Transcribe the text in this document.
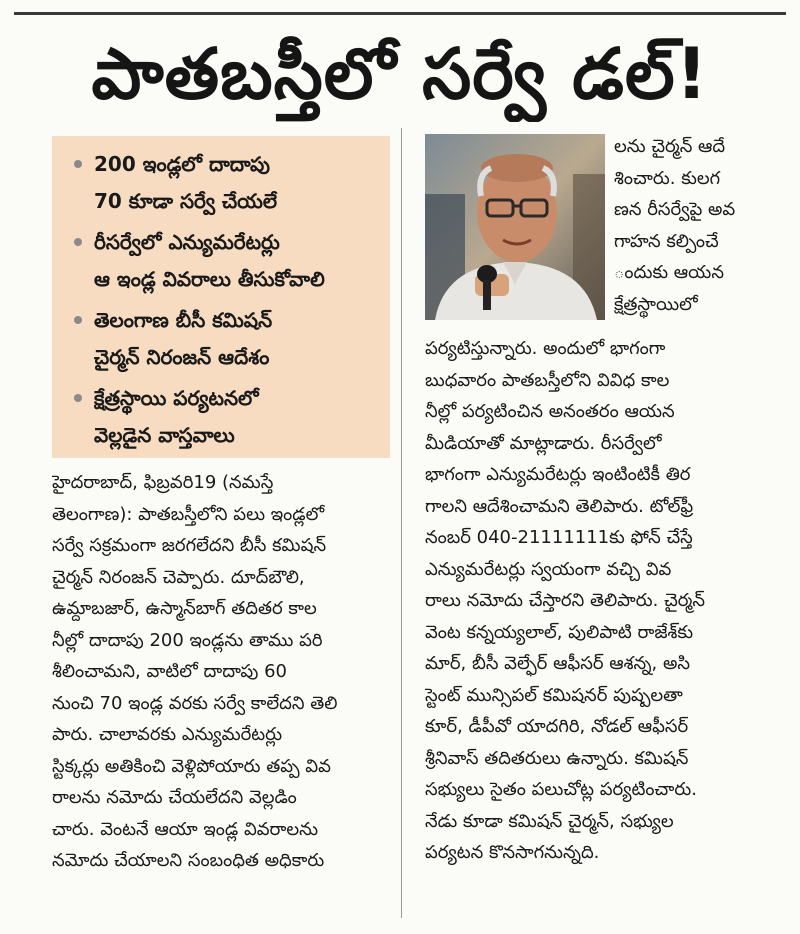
పాతబస్తీలో సర్వే డల్!
200 ఇండ్లలో దాదాపు
70 కూడా సర్వే చేయలే
రీసర్వేలో ఎన్యుమరేటర్లు
ఆ ఇండ్ల వివరాలు తీసుకోవాలి
తెలంగాణ బీసీ కమిషన్
చైర్మన్ నిరంజన్ ఆదేశం
క్షేత్రస్థాయి పర్యటనలో
వెల్లడైన వాస్తవాలు
హైదరాబాద్, ఫిబ్రవరి19 (నమస్తే
తెలంగాణ): పాతబస్తీలోని పలు ఇండ్లలో
సర్వే సక్రమంగా జరగలేదని బీసీ కమిషన్
చైర్మన్ నిరంజన్ చెప్పారు. దూద్‌బౌలి,
ఉమ్దాబజార్, ఉస్మాన్‌బాగ్ తదితర కాల
నీల్లో దాదాపు 200 ఇండ్లను తాము పరి
శీలించామని, వాటిలో దాదాపు 60
నుంచి 70 ఇండ్ల వరకు సర్వే కాలేదని తెలి
పారు. చాలావరకు ఎన్యుమరేటర్లు
స్టిక్కర్లు అతికించి వెళ్లిపోయారు తప్ప వివ
రాలను నమోదు చేయలేదని వెల్లడిం
చారు. వెంటనే ఆయా ఇండ్ల వివరాలను
నమోదు చేయాలని సంబంధిత అధికారు
లను చైర్మన్ ఆదే
శించారు. కులగ
ణన రీసర్వేపై అవ
గాహన కల్పించే
ందుకు ఆయన
క్షేత్రస్థాయిలో
పర్యటిస్తున్నారు. అందులో భాగంగా
బుధవారం పాతబస్తీలోని వివిధ కాల
నీల్లో పర్యటించిన అనంతరం ఆయన
మీడియాతో మాట్లాడారు. రీసర్వేలో
భాగంగా ఎన్యుమరేటర్లు ఇంటింటికీ తిర
గాలని ఆదేశించామని తెలిపారు. టోల్‌ఫ్రీ
నంబర్ 040-21111111కు ఫోన్ చేస్తే
ఎన్యుమరేటర్లు స్వయంగా వచ్చి వివ
రాలు నమోదు చేస్తారని తెలిపారు. చైర్మన్
వెంట కన్నయ్యలాల్, పులిపాటి రాజేశ్‌కు
మార్, బీసీ వెల్ఫేర్ ఆఫీసర్ ఆశన్న, అసి
స్టెంట్ మున్సిపల్ కమిషనర్ పుష్పలతా
కూర్, డీపీవో యాదగిరి, నోడల్ ఆఫీసర్
శ్రీనివాస్ తదితరులు ఉన్నారు. కమిషన్
సభ్యులు సైతం పలుచోట్ల పర్యటించారు.
నేడు కూడా కమిషన్ చైర్మన్, సభ్యుల
పర్యటన కొనసాగనున్నది.
